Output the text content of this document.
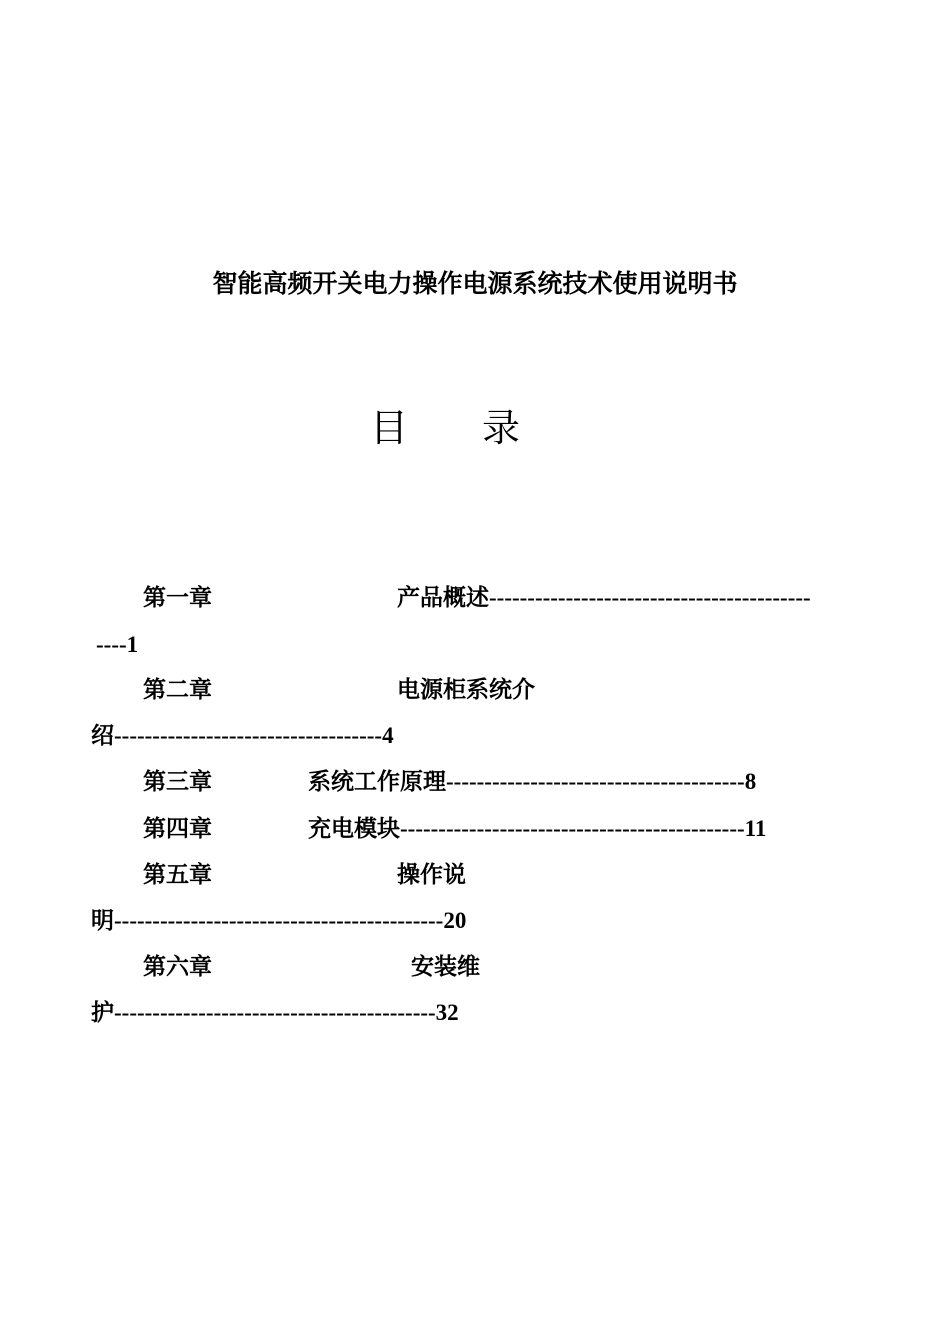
智能高频开关电力操作电源系统技术使用说明书
目 录
第一章	产品概述------------------------------------------
----1
第二章	电源柜系统介
绍-----------------------------------4
第三章	系统工作原理---------------------------------------8
第四章	充电模块---------------------------------------------11
第五章	操作说
明-------------------------------------------20
第六章	安装维
护------------------------------------------32
